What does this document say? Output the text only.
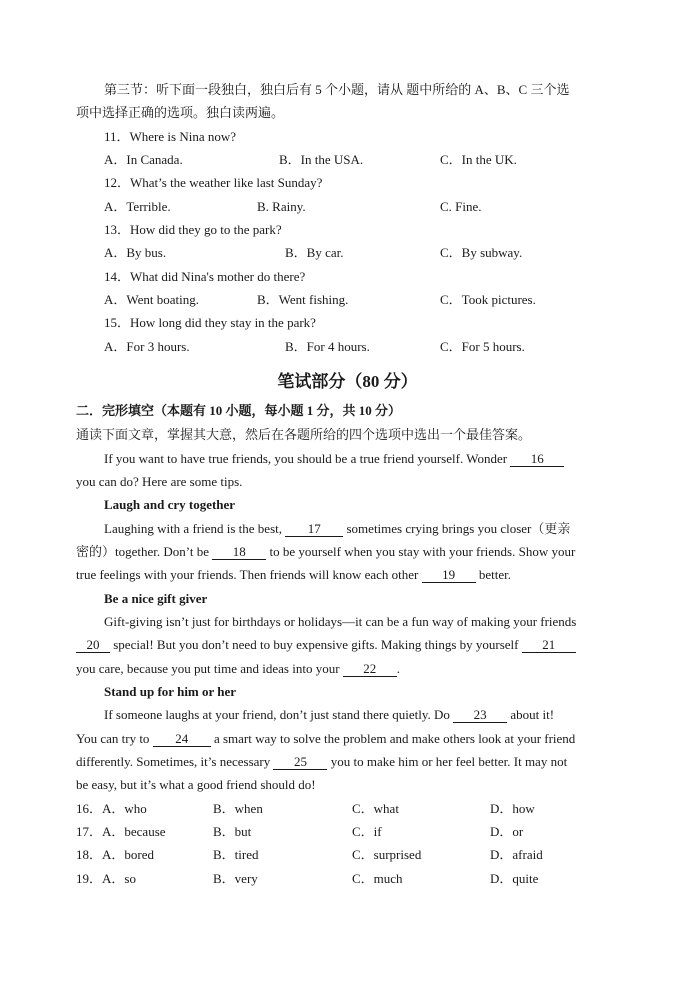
第三节：听下面一段独白，独白后有 5 个小题，请从 题中所给的 A、B、C 三个选
项中选择正确的选项。独白读两遍。
11．Where is Nina now?
A．In Canada.	B．In the USA.	C．In the UK.
12．What’s the weather like last Sunday?
A．Terrible.	B. Rainy.	C. Fine.
13．How did they go to the park?
A．By bus.	B．By car.	C．By subway.
14．What did Nina's mother do there?
A．Went boating.	B．Went fishing.	C．Took pictures.
15．How long did they stay in the park?
A．For 3 hours.	B．For 4 hours.	C．For 5 hours.
笔试部分（80 分）
二．完形填空（本题有 10 小题，每小题 1 分，共 10 分）
通读下面文章，掌握其大意，然后在各题所给的四个选项中选出一个最佳答案。
If you want to have true friends, you should be a true friend yourself. Wonder 16
you can do? Here are some tips.
Laugh and cry together
Laughing with a friend is the best, 17 sometimes crying brings you closer（更亲
密的）together. Don’t be 18 to be yourself when you stay with your friends. Show your
true feelings with your friends. Then friends will know each other 19 better.
Be a nice gift giver
Gift-giving isn’t just for birthdays or holidays—it can be a fun way of making your friends
20 special! But you don’t need to buy expensive gifts. Making things by yourself 21
you care, because you put time and ideas into your 22 .
Stand up for him or her
If someone laughs at your friend, don’t just stand there quietly. Do 23 about it!
You can try to 24 a smart way to solve the problem and make others look at your friend
differently. Sometimes, it’s necessary 25 you to make him or her feel better. It may not
be easy, but it’s what a good friend should do!
16．A．who	B．when	C．what	D．how
17．A．because	B．but	C．if	D．or
18．A．bored	B．tired	C．surprised	D．afraid
19．A．so	B．very	C．much	D．quite
